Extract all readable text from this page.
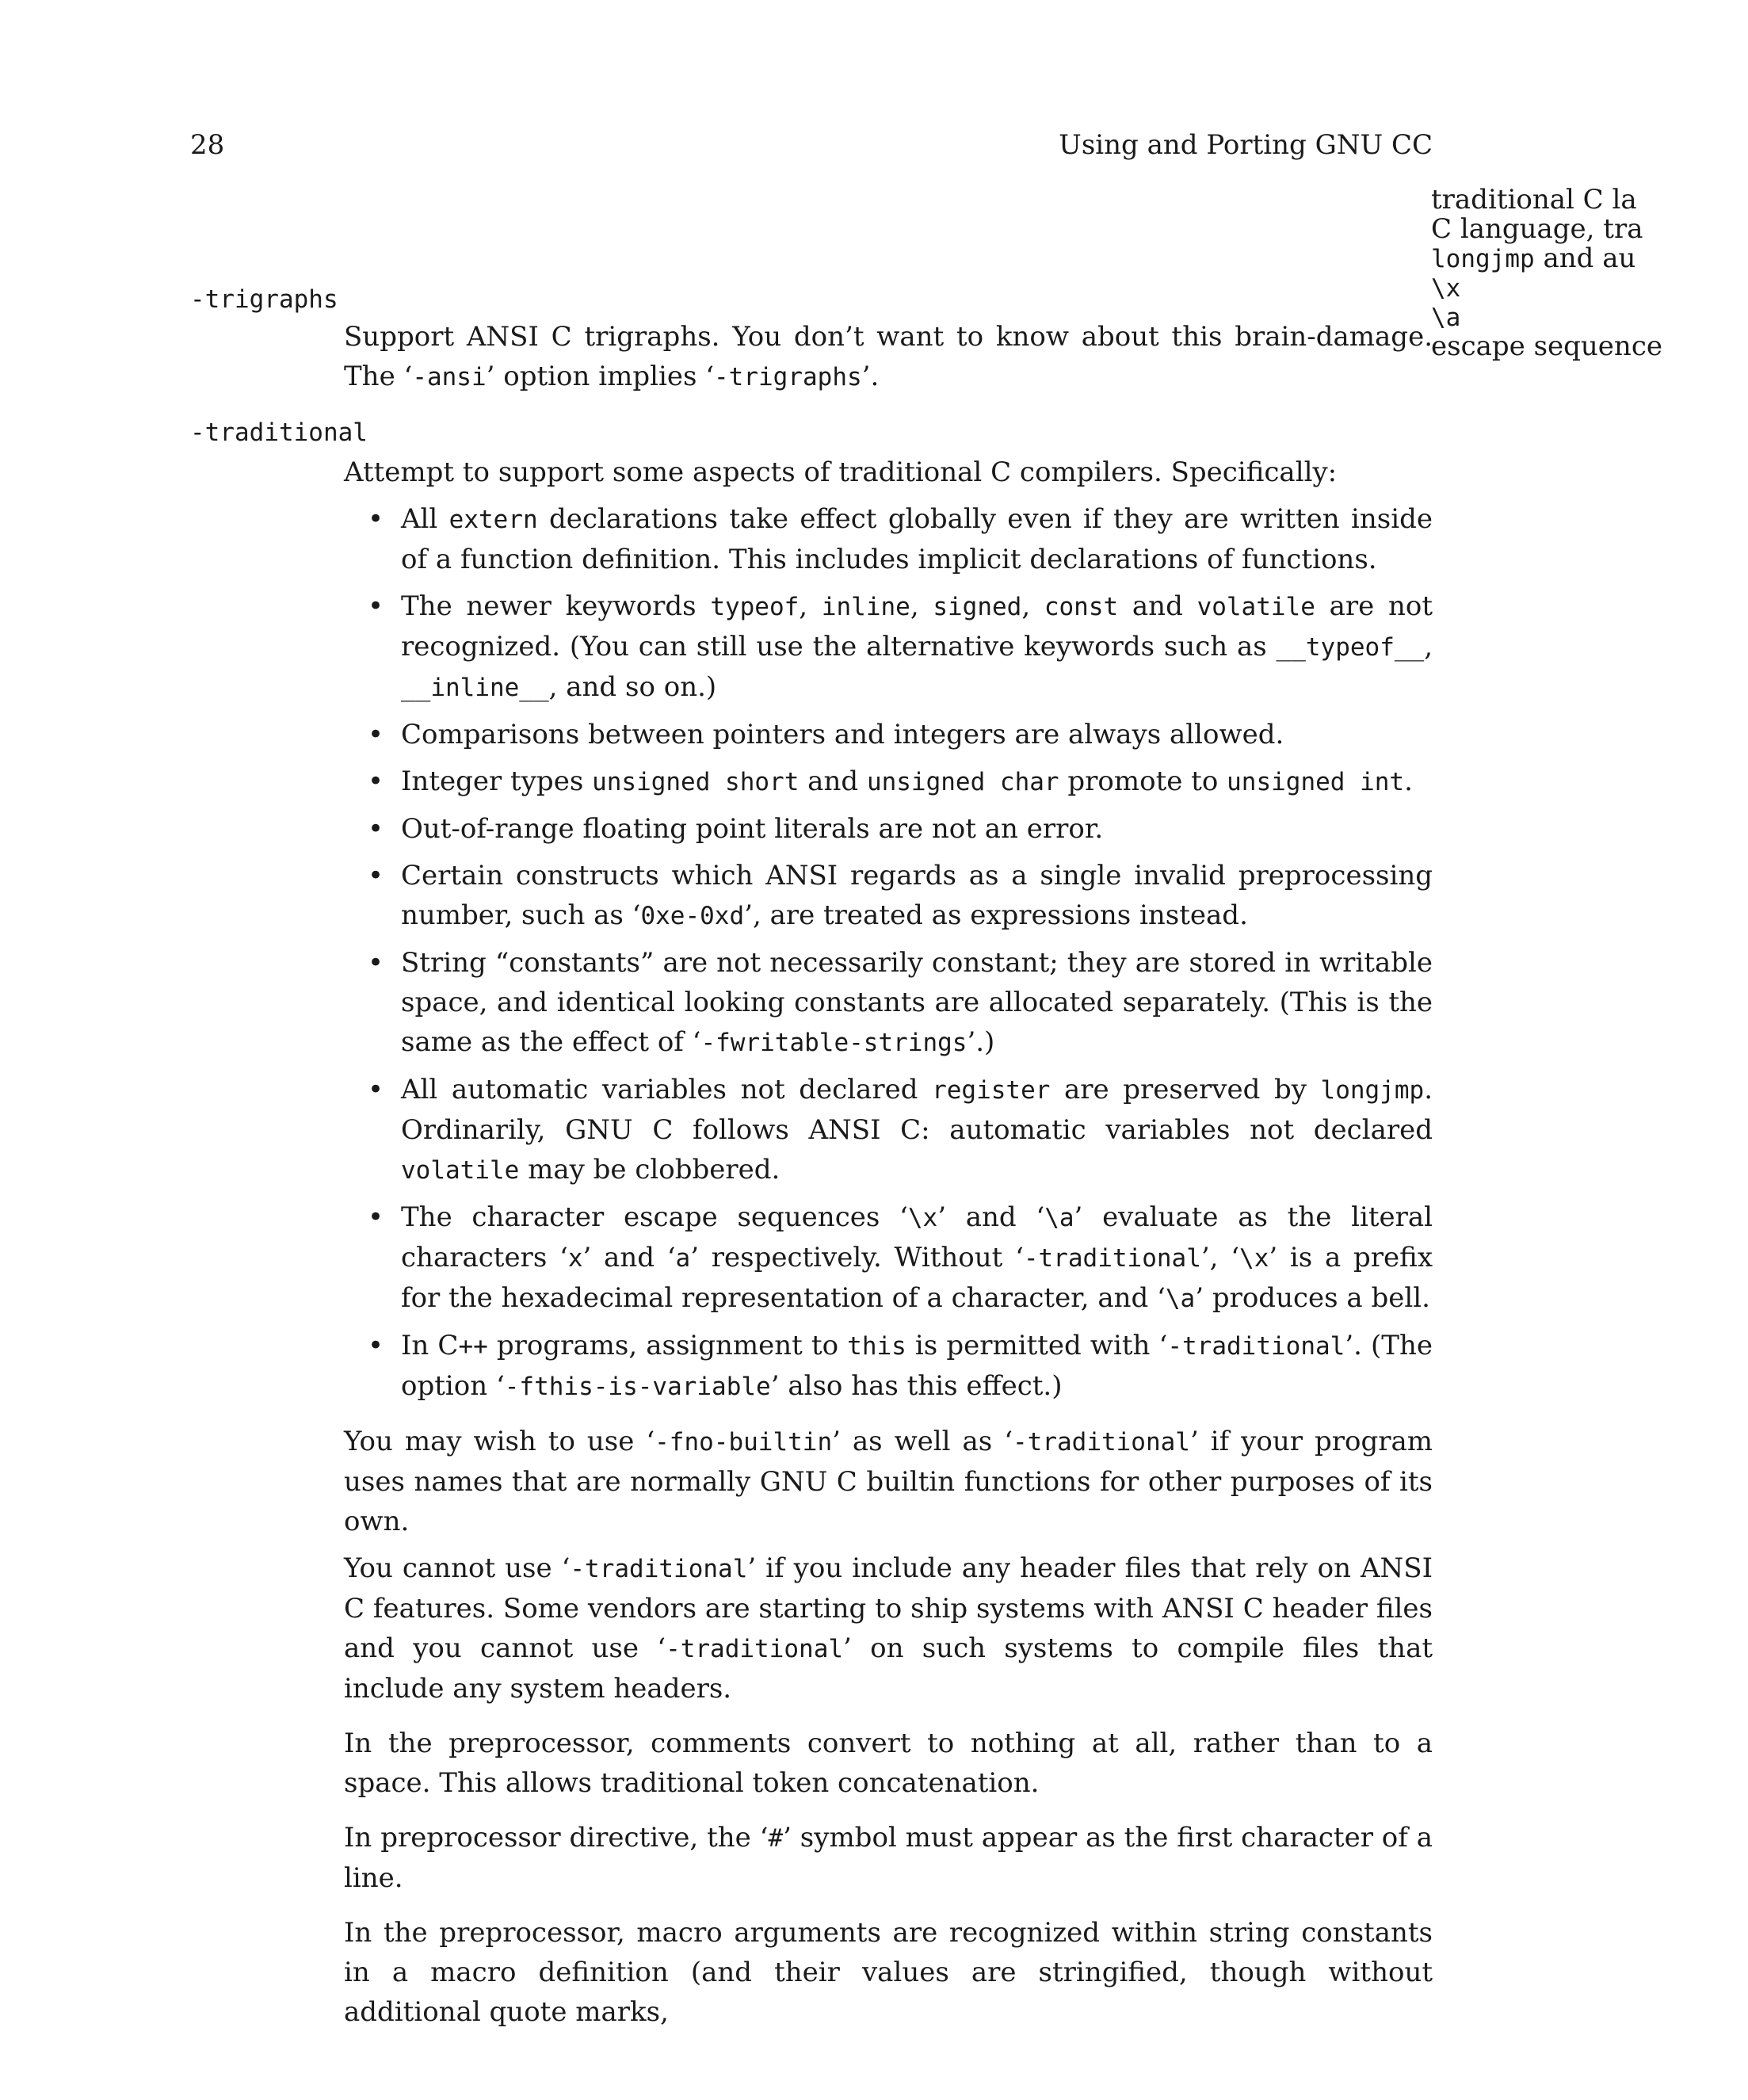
28	Using and Porting GNU CC
traditional C la
C language, tra
longjmp and au
\x
\a
escape sequence
-trigraphs

Support ANSI C trigraphs. You don’t want to know about this brain-damage. The ‘-ansi’ option implies ‘-trigraphs’.

-traditional

Attempt to support some aspects of traditional C compilers. Specifically:

• All extern declarations take effect globally even if they are written inside of a function definition. This includes implicit declarations of functions.
• The newer keywords typeof, inline, signed, const and volatile are not recognized. (You can still use the alternative keywords such as __typeof__, __inline__, and so on.)
• Comparisons between pointers and integers are always allowed.
• Integer types unsigned short and unsigned char promote to unsigned int.
• Out-of-range floating point literals are not an error.
• Certain constructs which ANSI regards as a single invalid preprocessing number, such as ‘0xe-0xd’, are treated as expressions instead.
• String “constants” are not necessarily constant; they are stored in writable space, and identical looking constants are allocated separately. (This is the same as the effect of ‘-fwritable-strings’.)
• All automatic variables not declared register are preserved by longjmp. Ordinarily, GNU C follows ANSI C: automatic variables not declared volatile may be clobbered.
• The character escape sequences ‘\x’ and ‘\a’ evaluate as the literal characters ‘x’ and ‘a’ respectively. Without ‘-traditional’, ‘\x’ is a prefix for the hexadecimal representation of a character, and ‘\a’ produces a bell.
• In C++ programs, assignment to this is permitted with ‘-traditional’. (The option ‘-fthis-is-variable’ also has this effect.)

You may wish to use ‘-fno-builtin’ as well as ‘-traditional’ if your program uses names that are normally GNU C builtin functions for other purposes of its own.

You cannot use ‘-traditional’ if you include any header files that rely on ANSI C features. Some vendors are starting to ship systems with ANSI C header files and you cannot use ‘-traditional’ on such systems to compile files that include any system headers.

In the preprocessor, comments convert to nothing at all, rather than to a space. This allows traditional token concatenation.

In preprocessor directive, the ‘#’ symbol must appear as the first character of a line.

In the preprocessor, macro arguments are recognized within string constants in a macro definition (and their values are stringified, though without additional quote marks,
